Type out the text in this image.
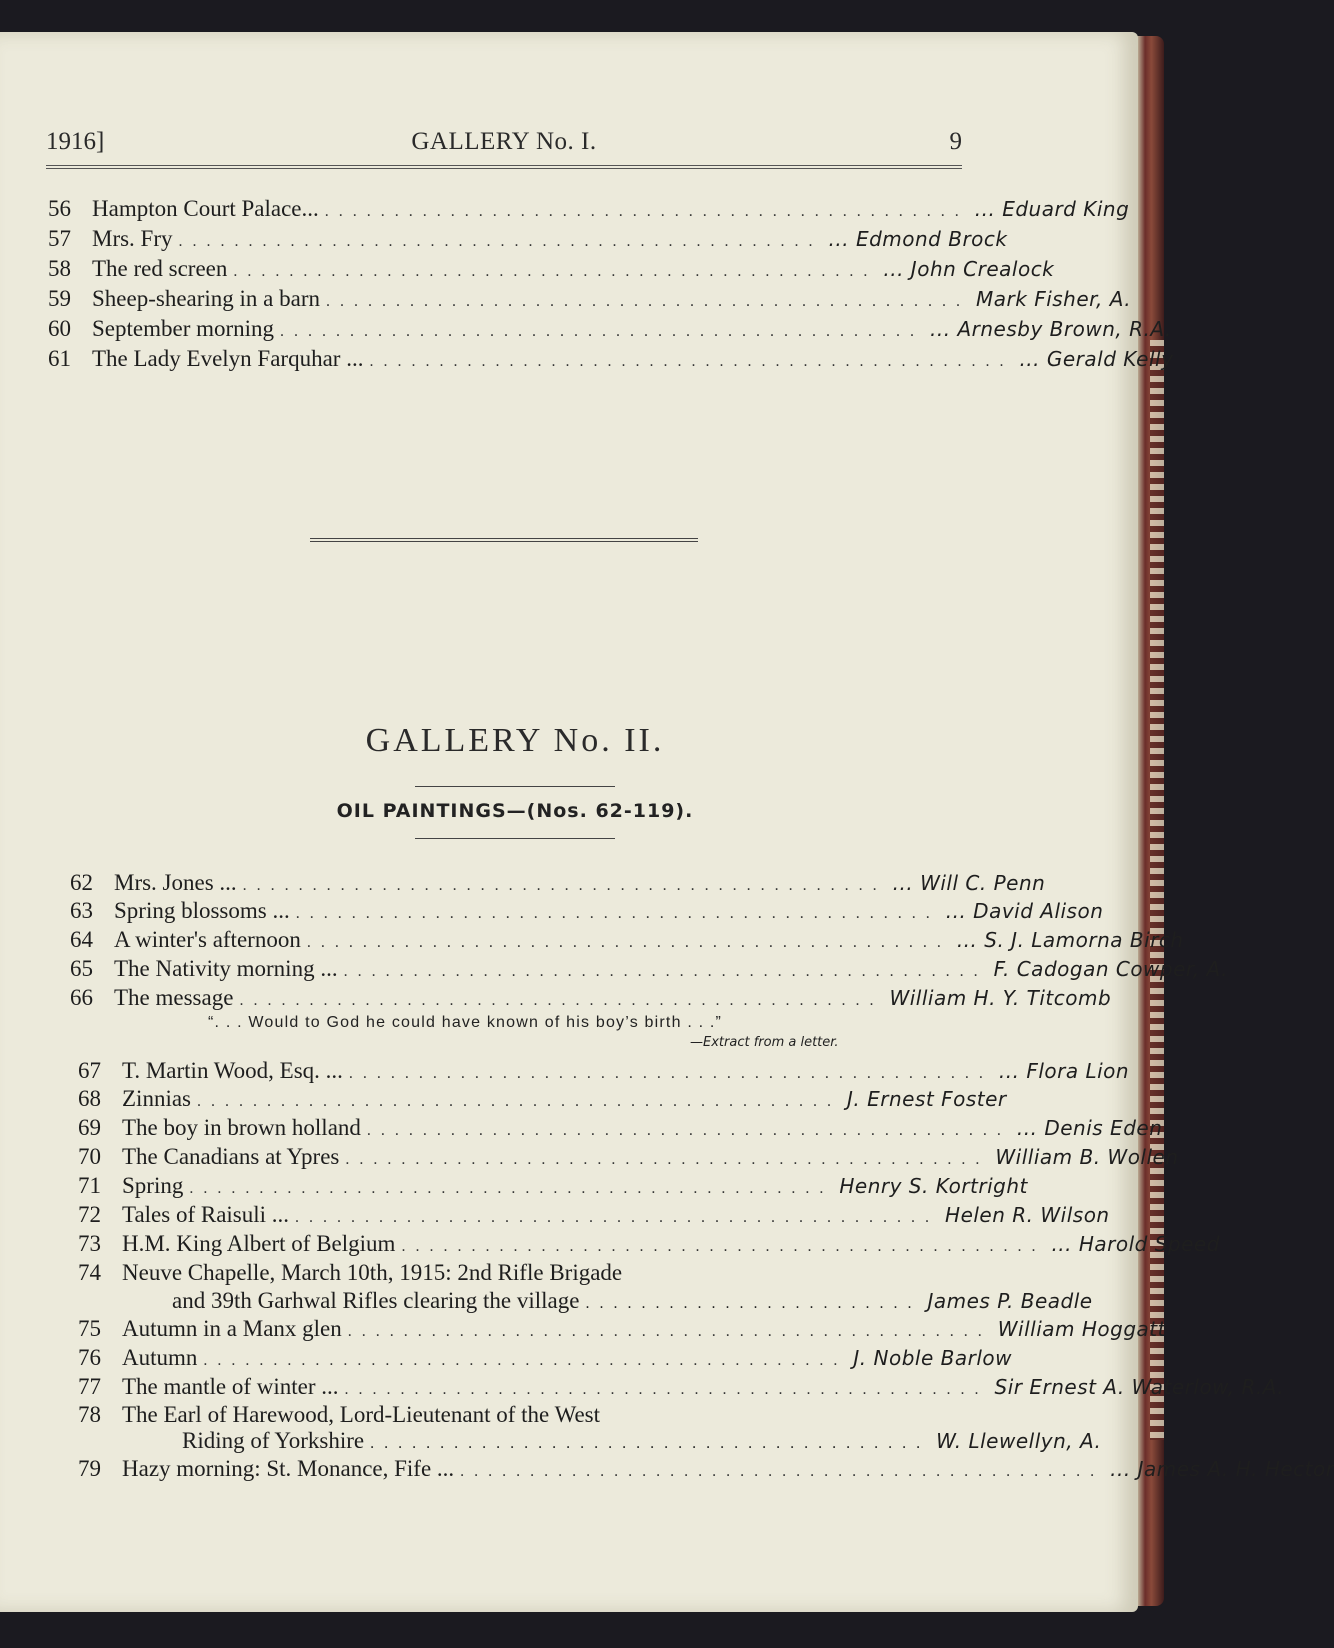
1916]	GALLERY No. I.	9
56 Hampton Court Palace... .............................................. ... Eduard King
57 Mrs. Fry .............................................. ... Edmond Brock
58 The red screen .............................................. ... John Crealock
59 Sheep-shearing in a barn .............................................. Mark Fisher, A.
60 September morning .............................................. ... Arnesby Brown, R.A.
61 The Lady Evelyn Farquhar ... .............................................. ... Gerald Kelly
62 Mrs. Jones ... .............................................. ... Will C. Penn
63 Spring blossoms ... .............................................. ... David Alison
64 A winter's afternoon .............................................. ... S. J. Lamorna Birch
65 The Nativity morning ... .............................................. F. Cadogan Cowper, A.
66 The message .............................................. William H. Y. Titcomb
67 T. Martin Wood, Esq. ... .............................................. ... Flora Lion
68 Zinnias .............................................. J. Ernest Foster
69 The boy in brown holland .............................................. ... Denis Eden
70 The Canadians at Ypres .............................................. William B. Wollen
71 Spring .............................................. Henry S. Kortright
72 Tales of Raisuli ... .............................................. Helen R. Wilson
73 H.M. King Albert of Belgium .............................................. ... Harold Speed
74 Neuve Chapelle, March 10th, 1915: 2nd Rifle Brigade
75 Autumn in a Manx glen .............................................. William Hoggatt
76 Autumn .............................................. J. Noble Barlow
77 The mantle of winter ... .............................................. Sir Ernest A. Waterlow, R.A.
78 The Earl of Harewood, Lord-Lieutenant of the West
79 Hazy morning: St. Monance, Fife ... .............................................. ... James A. H. Hector
GALLERY No. II.
OIL PAINTINGS—(Nos. 62-119).
“. . . Would to God he could have known of his boy’s birth . . .”
—Extract from a letter.
and 39th Garhwal Rifles clearing the village ........................ James P. Beadle
Riding of Yorkshire ........................................ W. Llewellyn, A.
